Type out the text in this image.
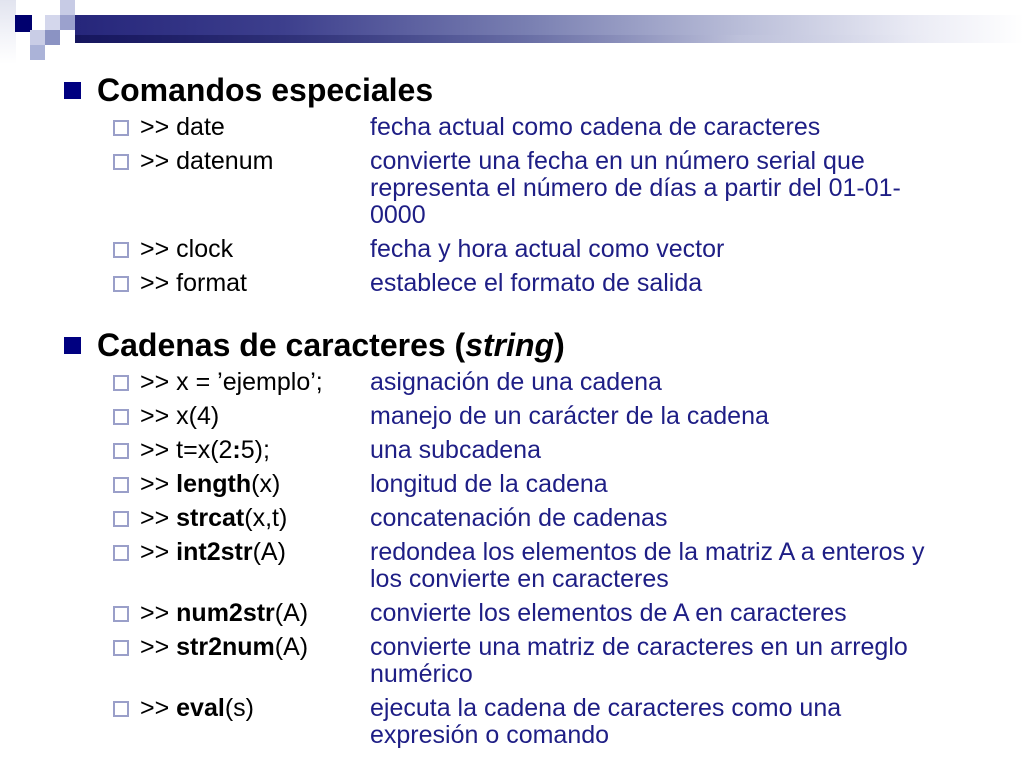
Comandos especiales
>> date	fecha actual como cadena de caracteres
>> datenum	convierte una fecha en un número serial que representa el número de días a partir del 01-01-0000
>> clock	fecha y hora actual como vector
>> format	establece el formato de salida
Cadenas de caracteres (string)
>> x = ’ejemplo’;	asignación de una cadena
>> x(4)	manejo de un carácter de la cadena
>> t=x(2:5);	una subcadena
>> length(x)	longitud de la cadena
>> strcat(x,t)	concatenación de cadenas
>> int2str(A)	redondea los elementos de la matriz A a enteros y los convierte en caracteres
>> num2str(A)	convierte los elementos de A en caracteres
>> str2num(A)	convierte una matriz de caracteres en un arreglo numérico
>> eval(s)	ejecuta la cadena de caracteres como una expresión o comando
